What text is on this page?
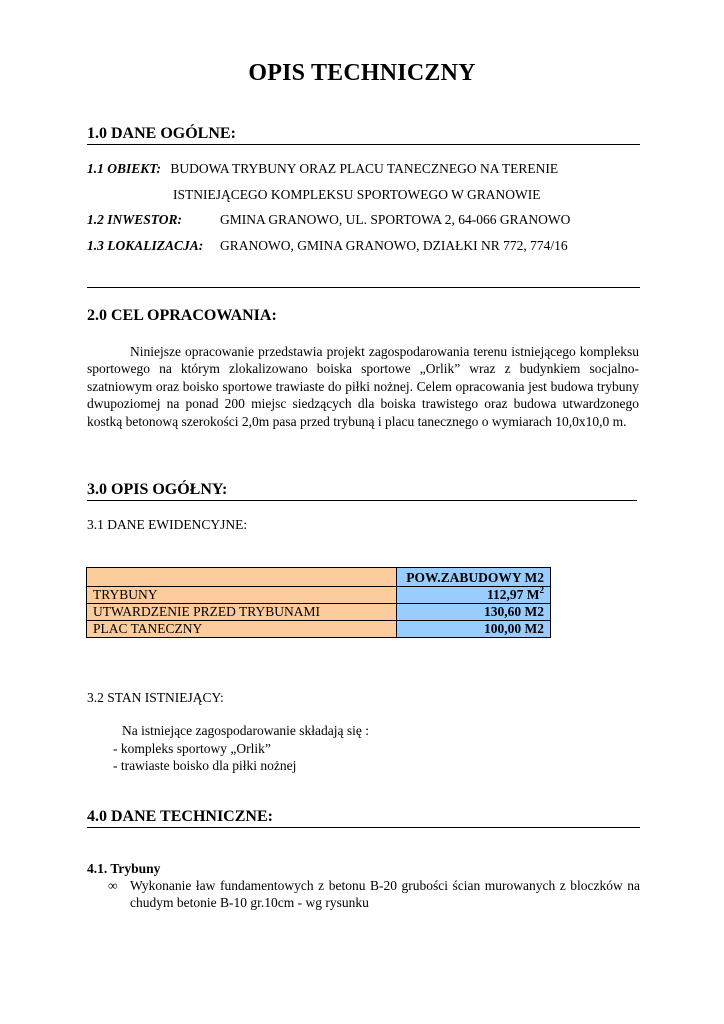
OPIS TECHNICZNY
1.0 DANE OGÓLNE:
1.1 OBIEKT: BUDOWA TRYBUNY ORAZ PLACU TANECZNEGO NA TERENIE
ISTNIEJĄCEGO KOMPLEKSU SPORTOWEGO W GRANOWIE
1.2 INWESTOR:	GMINA GRANOWO, UL. SPORTOWA 2, 64-066 GRANOWO
1.3 LOKALIZACJA: GRANOWO, GMINA GRANOWO, DZIAŁKI NR 772, 774/16
2.0 CEL OPRACOWANIA:
Niniejsze opracowanie przedstawia projekt zagospodarowania terenu istniejącego kompleksu sportowego na którym zlokalizowano boiska sportowe „Orlik” wraz z budynkiem socjalno-szatniowym oraz boisko sportowe trawiaste do piłki nożnej. Celem opracowania jest budowa trybuny dwupoziomej na ponad 200 miejsc siedzących dla boiska trawistego oraz budowa utwardzonego kostką betonową szerokości 2,0m pasa przed trybuną i placu tanecznego o wymiarach 10,0x10,0 m.
3.0 OPIS OGÓŁNY:
3.1 DANE EWIDENCYJNE:
	POW.ZABUDOWY M2
TRYBUNY	112,97 $M^2$
UTWARDZENIE PRZED TRYBUNAMI	130,60 M2
PLAC TANECZNY	100,00 M2
3.2 STAN ISTNIEJĄCY:
Na istniejące zagospodarowanie składają się :
- kompleks sportowy „Orlik”
- trawiaste boisko dla piłki nożnej
4.0 DANE TECHNICZNE:
4.1. Trybuny
∞ Wykonanie ław fundamentowych z betonu B-20 grubości ścian murowanych z bloczków na chudym betonie B-10 gr.10cm - wg rysunku
